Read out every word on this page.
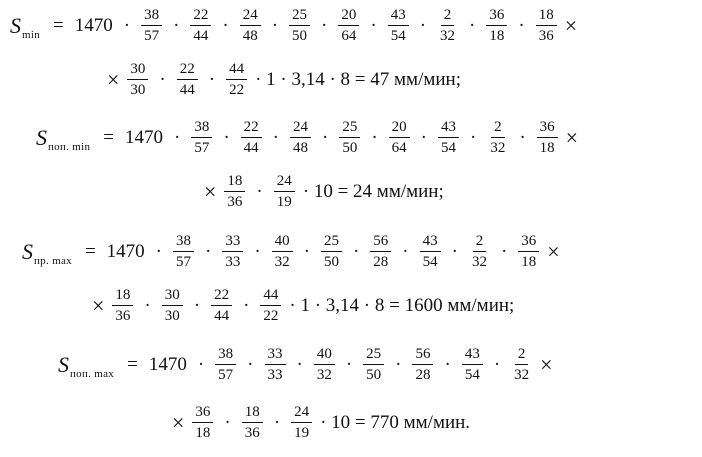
S $\min = 1470 \cdot \frac{38}{57} \cdot \frac{22}{44} \cdot \frac{24}{48} \cdot \frac{25}{50} \cdot \frac{20}{64} \cdot \frac{43}{54} \cdot \frac{2}{32} \cdot \frac{36}{18} \cdot \frac{18}{36}$ ×
× $\frac{30}{30} \cdot \frac{22}{44} \cdot \frac{44}{22} \cdot 1 \cdot 3,14 \cdot 8 = 47$ мм/мин;
S поп. $\min = 1470 \cdot \frac{38}{57} \cdot \frac{22}{44} \cdot \frac{24}{48} \cdot \frac{25}{50} \cdot \frac{20}{64} \cdot \frac{43}{54} \cdot \frac{2}{32} \cdot \frac{36}{18}$ ×
× $\frac{18}{36} \cdot \frac{24}{19} \cdot 10 = 24$ мм/мин;
S пр. $\max = 1470 \cdot \frac{38}{57} \cdot \frac{33}{33} \cdot \frac{40}{32} \cdot \frac{25}{50} \cdot \frac{56}{28} \cdot \frac{43}{54} \cdot \frac{2}{32} \cdot \frac{36}{18}$ ×
× $\frac{18}{36} \cdot \frac{30}{30} \cdot \frac{22}{44} \cdot \frac{44}{22} \cdot 1 \cdot 3,14 \cdot 8 = 1600$ мм/мин;
S поп. $\max = 1470 \cdot \frac{38}{57} \cdot \frac{33}{33} \cdot \frac{40}{32} \cdot \frac{25}{50} \cdot \frac{56}{28} \cdot \frac{43}{54} \cdot \frac{2}{32}$ ×
× $\frac{36}{18} \cdot \frac{18}{36} \cdot \frac{24}{19} \cdot 10 = 770$ мм/мин.
